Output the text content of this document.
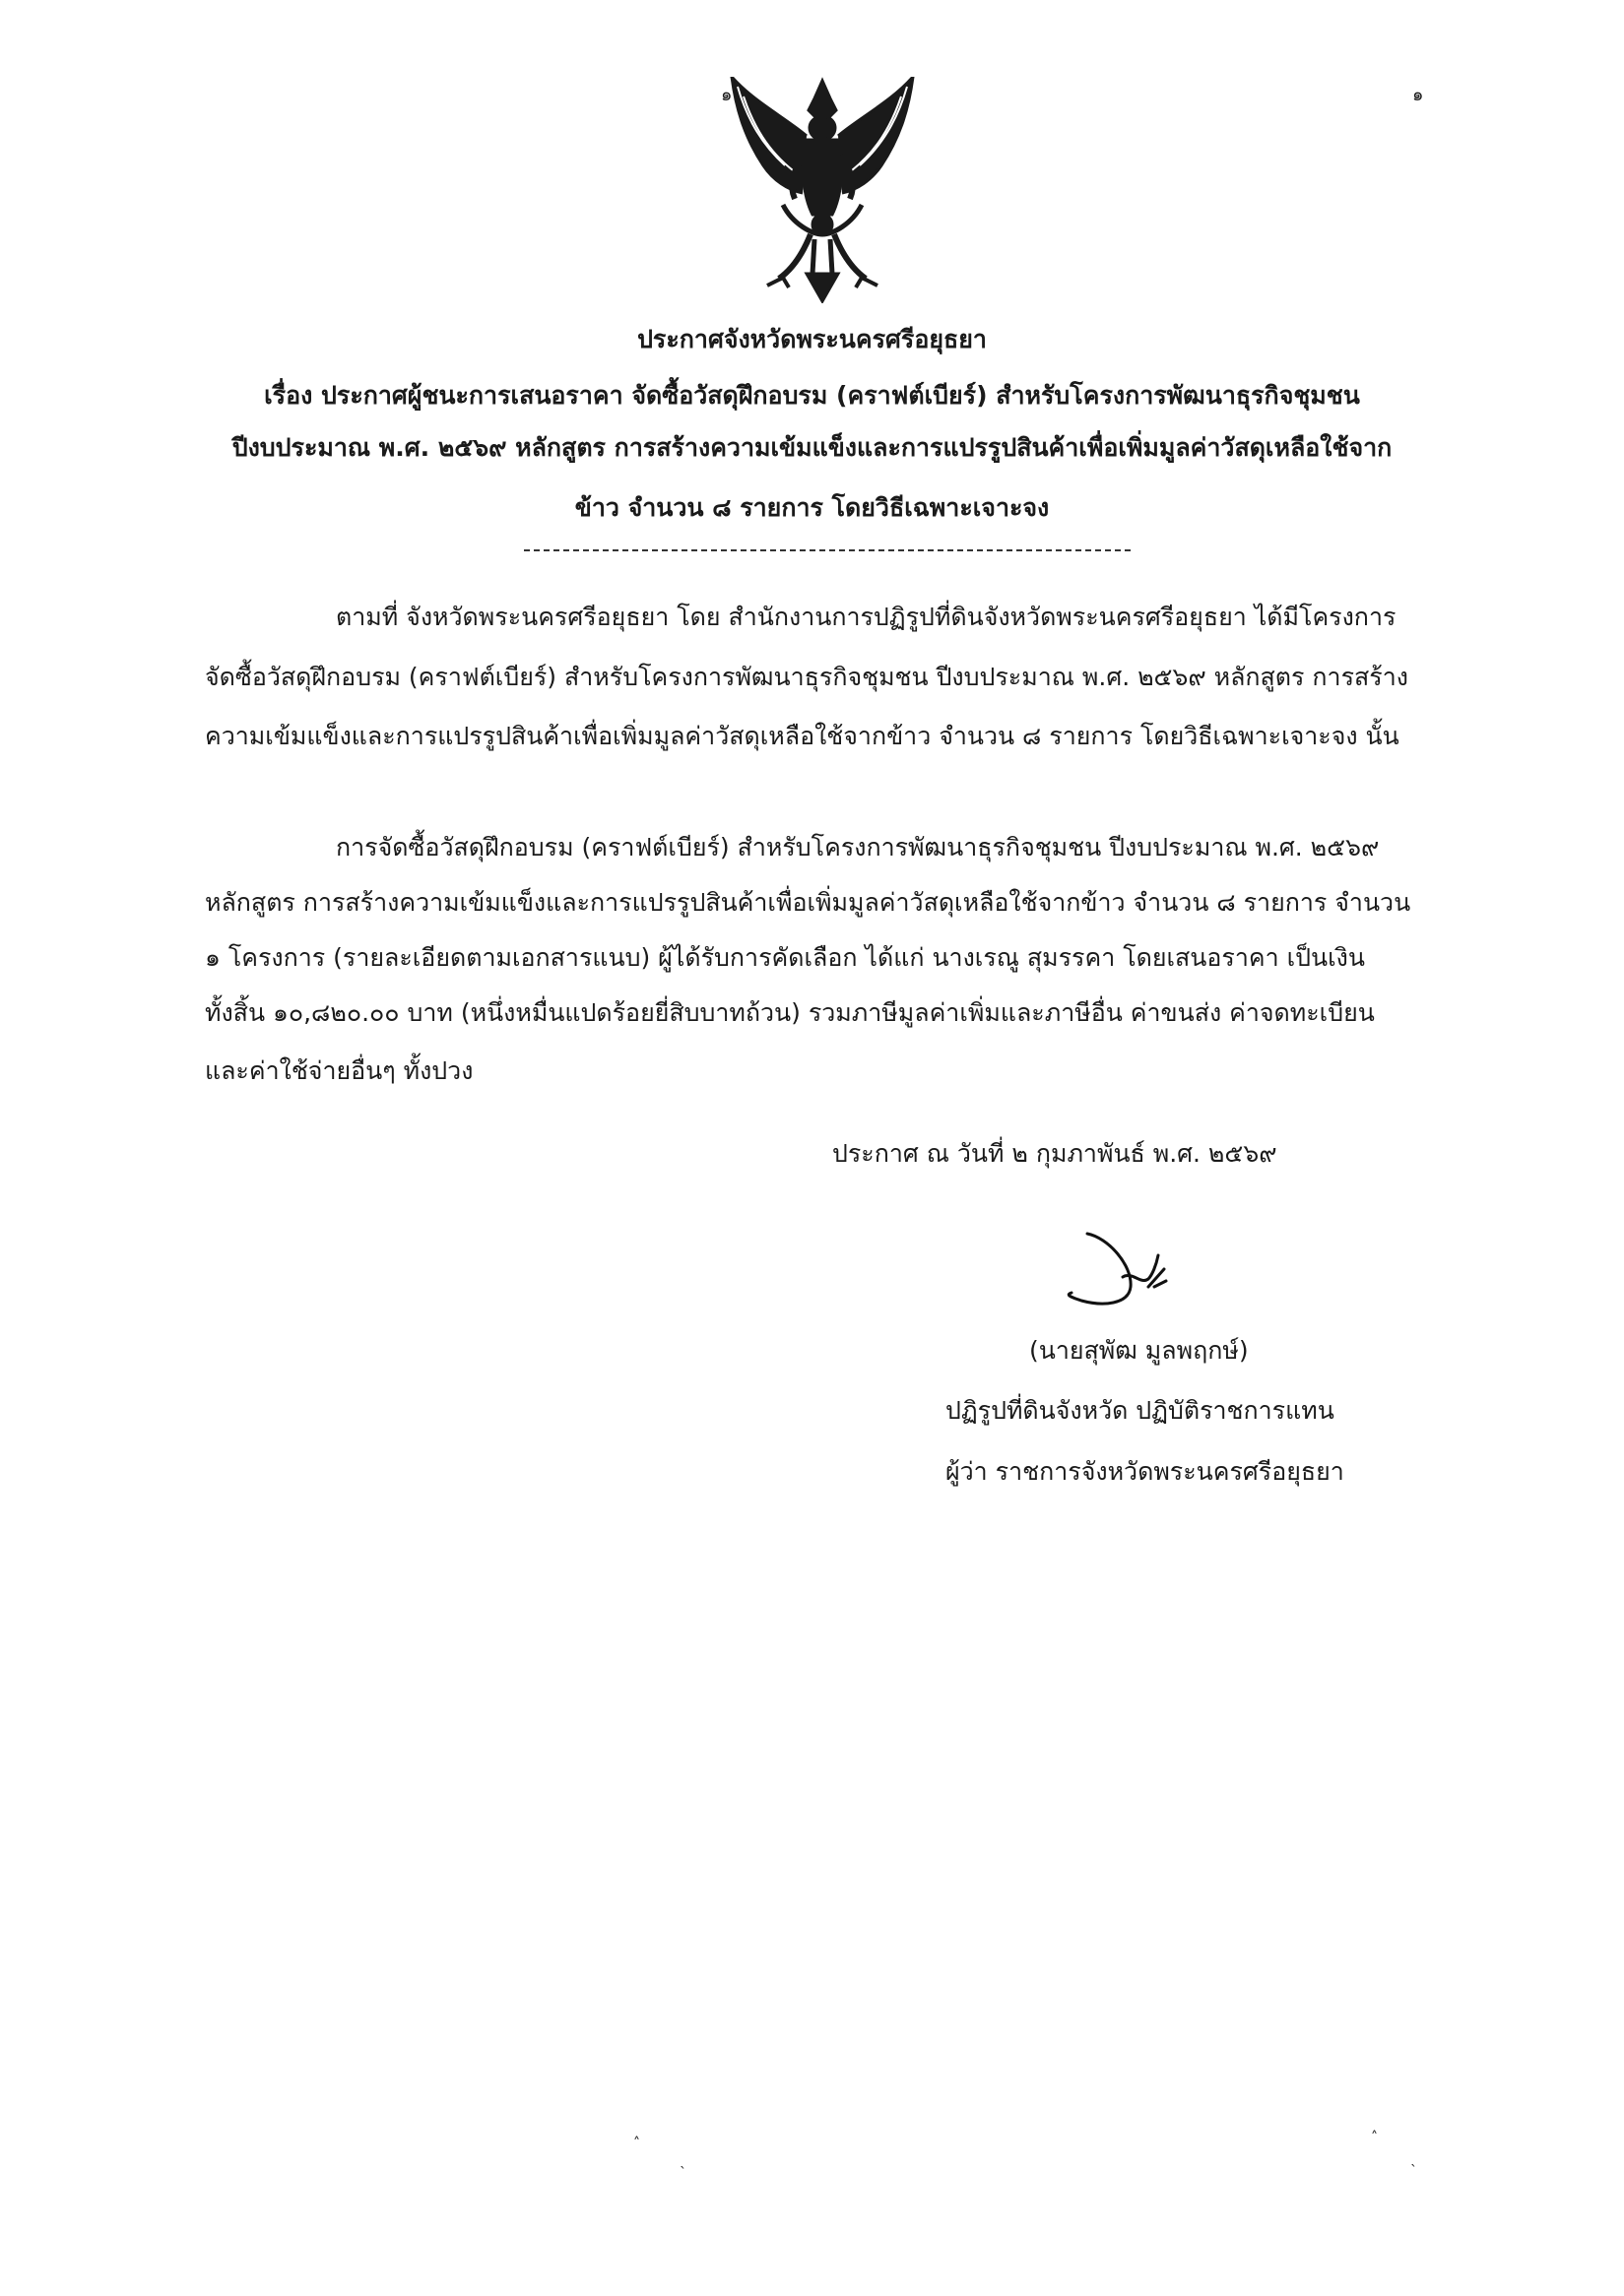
๑	๑
ประกาศจังหวัดพระนครศรีอยุธยา
เรื่อง ประกาศผู้ชนะการเสนอราคา จัดซื้อวัสดุฝึกอบรม (คราฟต์เบียร์) สำหรับโครงการพัฒนาธุรกิจชุมชน
ปีงบประมาณ พ.ศ. ๒๕๖๙ หลักสูตร การสร้างความเข้มแข็งและการแปรรูปสินค้าเพื่อเพิ่มมูลค่าวัสดุเหลือใช้จาก
ข้าว จำนวน ๘ รายการ โดยวิธีเฉพาะเจาะจง
ตามที่ จังหวัดพระนครศรีอยุธยา โดย สำนักงานการปฏิรูปที่ดินจังหวัดพระนครศรีอยุธยา ได้มีโครงการ
จัดซื้อวัสดุฝึกอบรม (คราฟต์เบียร์) สำหรับโครงการพัฒนาธุรกิจชุมชน ปีงบประมาณ พ.ศ. ๒๕๖๙ หลักสูตร การสร้าง
ความเข้มแข็งและการแปรรูปสินค้าเพื่อเพิ่มมูลค่าวัสดุเหลือใช้จากข้าว จำนวน ๘ รายการ โดยวิธีเฉพาะเจาะจง นั้น
การจัดซื้อวัสดุฝึกอบรม (คราฟต์เบียร์) สำหรับโครงการพัฒนาธุรกิจชุมชน ปีงบประมาณ พ.ศ. ๒๕๖๙
หลักสูตร การสร้างความเข้มแข็งและการแปรรูปสินค้าเพื่อเพิ่มมูลค่าวัสดุเหลือใช้จากข้าว จำนวน ๘ รายการ จำนวน
๑ โครงการ (รายละเอียดตามเอกสารแนบ) ผู้ได้รับการคัดเลือก ได้แก่ นางเรณู สุมรรคา โดยเสนอราคา เป็นเงิน
ทั้งสิ้น ๑๐,๘๒๐.๐๐ บาท (หนึ่งหมื่นแปดร้อยยี่สิบบาทถ้วน) รวมภาษีมูลค่าเพิ่มและภาษีอื่น ค่าขนส่ง ค่าจดทะเบียน
และค่าใช้จ่ายอื่นๆ ทั้งปวง
ประกาศ ณ วันที่ ๒ กุมภาพันธ์ พ.ศ. ๒๕๖๙
(นายสุพัฒ มูลพฤกษ์)
ปฏิรูปที่ดินจังหวัด ปฏิบัติราชการแทน
ผู้ว่า ราชการจังหวัดพระนครศรีอยุธยา
˄
ˎ
˄
ˎ
